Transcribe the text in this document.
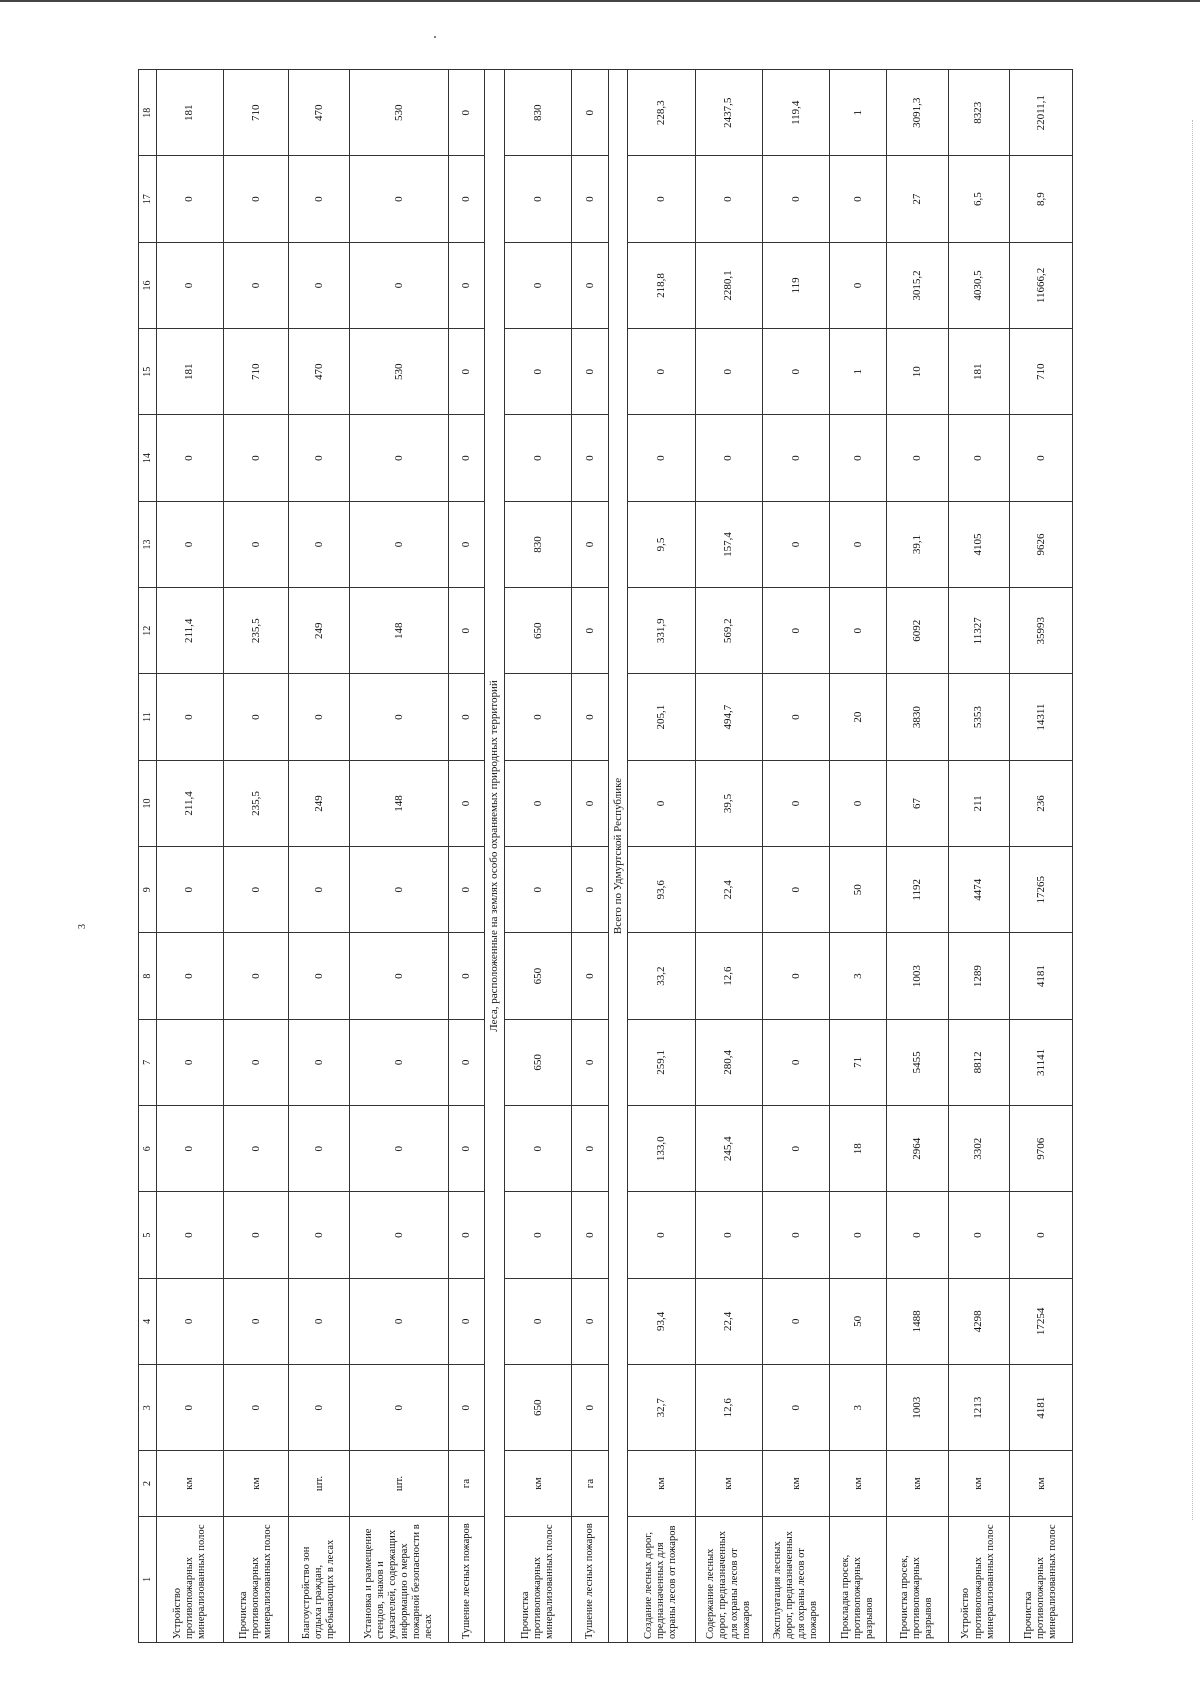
3
1	2	3	4	5	6	7	8	9	10	11	12	13	14	15	16	17	18
Устройство противопожарных минерализованных полос	км	0	0	0	0	0	0	0	211,4	0	211,4	0	0	181	0	0	181
Прочистка противопожарных минерализованных полос	км	0	0	0	0	0	0	0	235,5	0	235,5	0	0	710	0	0	710
Благоустройство зон отдыха граждан, пребывающих в лесах	шт.	0	0	0	0	0	0	0	249	0	249	0	0	470	0	0	470
Установка и размещение стендов, знаков и указателей, содержащих информацию о мерах пожарной безопасности в лесах	шт.	0	0	0	0	0	0	0	148	0	148	0	0	530	0	0	530
Тушение лесных пожаров	га	0	0	0	0	0	0	0	0	0	0	0	0	0	0	0	0
Леса, расположенные на землях особо охраняемых природных территорий																	
Прочистка противопожарных минерализованных полос	км	650	0	0	0	650	650	0	0	0	650	830	0	0	0	0	830
Тушение лесных пожаров	га	0	0	0	0	0	0	0	0	0	0	0	0	0	0	0	0
Всего по Удмуртской Республике																	
Создание лесных дорог, предназначенных для охраны лесов от пожаров	км	32,7	93,4	0	133,0	259,1	33,2	93,6	0	205,1	331,9	9,5	0	0	218,8	0	228,3
Содержание лесных дорог, предназначенных для охраны лесов от пожаров	км	12,6	22,4	0	245,4	280,4	12,6	22,4	39,5	494,7	569,2	157,4	0	0	2280,1	0	2437,5
Эксплуатация лесных дорог, предназначенных для охраны лесов от пожаров	км	0	0	0	0	0	0	0	0	0	0	0	0	0	119	0	119,4
Прокладка просек, противопожарных разрывов	км	3	50	0	18	71	3	50	0	20	0	0	0	1	0	0	1
Прочистка просек, противопожарных разрывов	км	1003	1488	0	2964	5455	1003	1192	67	3830	6092	39,1	0	10	3015,2	27	3091,3
Устройство противопожарных минерализованных полос	км	1213	4298	0	3302	8812	1289	4474	211	5353	11327	4105	0	181	4030,5	6,5	8323
Прочистка противопожарных минерализованных полос	км	4181	17254	0	9706	31141	4181	17265	236	14311	35993	9626	0	710	11666,2	8,9	22011,1
